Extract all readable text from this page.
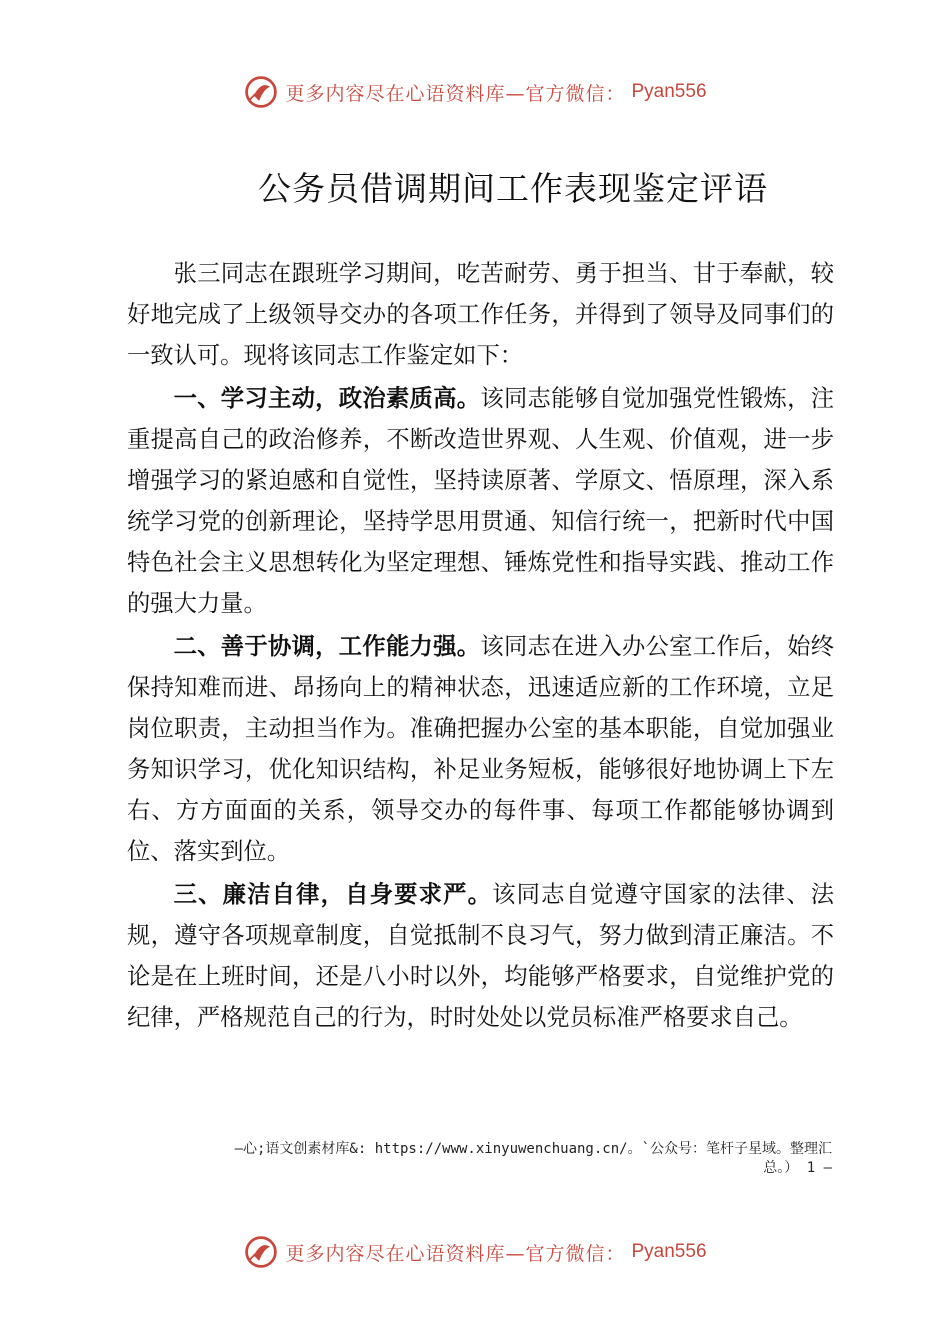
更多内容尽在心语资料库—官方微信： Pyan556
公务员借调期间工作表现鉴定评语

张三同志在跟班学习期间，吃苦耐劳、勇于担当、甘于奉献，较好地完成了上级领导交办的各项工作任务，并得到了领导及同事们的一致认可。现将该同志工作鉴定如下：

一、学习主动，政治素质高。该同志能够自觉加强党性锻炼，注重提高自己的政治修养，不断改造世界观、人生观、价值观，进一步增强学习的紧迫感和自觉性，坚持读原著、学原文、悟原理，深入系统学习党的创新理论，坚持学思用贯通、知信行统一，把新时代中国特色社会主义思想转化为坚定理想、锤炼党性和指导实践、推动工作的强大力量。

二、善于协调，工作能力强。该同志在进入办公室工作后，始终保持知难而进、昂扬向上的精神状态，迅速适应新的工作环境，立足岗位职责，主动担当作为。准确把握办公室的基本职能，自觉加强业务知识学习，优化知识结构，补足业务短板，能够很好地协调上下左右、方方面面的关系，领导交办的每件事、每项工作都能够协调到位、落实到位。

三、廉洁自律，自身要求严。该同志自觉遵守国家的法律、法规，遵守各项规章制度，自觉抵制不良习气，努力做到清正廉洁。不论是在上班时间，还是八小时以外，均能够严格要求，自觉维护党的纪律，严格规范自己的行为，时时处处以党员标准严格要求自己。

—心;语文创素材库&: https://www.xinyuwenchuang.cn/。`公众号：笔杆子星域。整理汇
总。） 1 —
更多内容尽在心语资料库—官方微信： Pyan556
